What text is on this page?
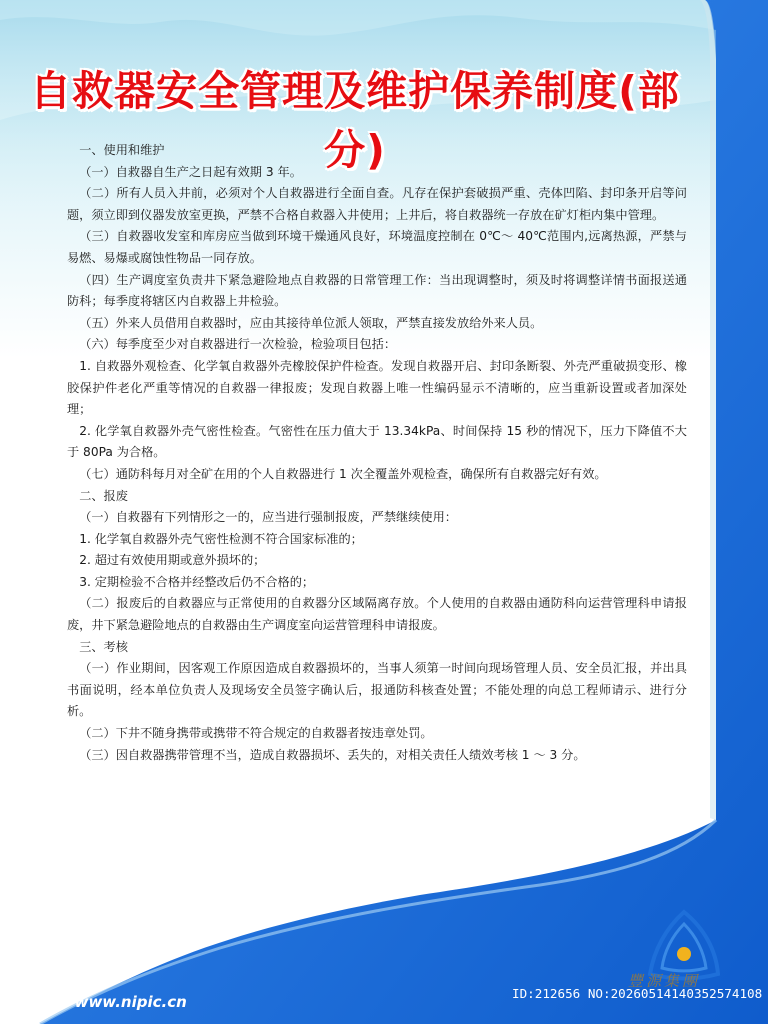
自救器安全管理及维护保养制度(部分)

一、使用和维护

（一）自救器自生产之日起有效期 3 年。

（二）所有人员入井前，必须对个人自救器进行全面自查。凡存在保护套破损严重、壳体凹陷、封印条开启等问题，须立即到仪器发放室更换，严禁不合格自救器入井使用；上井后，将自救器统一存放在矿灯柜内集中管理。

（三）自救器收发室和库房应当做到环境干燥通风良好，环境温度控制在 0℃～ 40℃范围内,远离热源，严禁与易燃、易爆或腐蚀性物品一同存放。

（四）生产调度室负责井下紧急避险地点自救器的日常管理工作：当出现调整时，须及时将调整详情书面报送通防科；每季度将辖区内自救器上井检验。

（五）外来人员借用自救器时，应由其接待单位派人领取，严禁直接发放给外来人员。

（六）每季度至少对自救器进行一次检验，检验项目包括：

1. 自救器外观检查、化学氧自救器外壳橡胶保护件检查。发现自救器开启、封印条断裂、外壳严重破损变形、橡胶保护件老化严重等情况的自救器一律报废；发现自救器上唯一性编码显示不清晰的，应当重新设置或者加深处理；

2. 化学氧自救器外壳气密性检查。气密性在压力值大于 13.34kPa、时间保持 15 秒的情况下，压力下降值不大于 80Pa 为合格。

（七）通防科每月对全矿在用的个人自救器进行 1 次全覆盖外观检查，确保所有自救器完好有效。

二、报废

（一）自救器有下列情形之一的，应当进行强制报废，严禁继续使用：

1. 化学氧自救器外壳气密性检测不符合国家标准的；

2. 超过有效使用期或意外损坏的；

3. 定期检验不合格并经整改后仍不合格的；

（二）报废后的自救器应与正常使用的自救器分区域隔离存放。个人使用的自救器由通防科向运营管理科申请报废，井下紧急避险地点的自救器由生产调度室向运营管理科申请报废。

三、考核

（一）作业期间，因客观工作原因造成自救器损坏的，当事人须第一时间向现场管理人员、安全员汇报，并出具书面说明，经本单位负责人及现场安全员签字确认后，报通防科核查处置；不能处理的向总工程师请示、进行分析。

（二）下井不随身携带或携带不符合规定的自救器者按违章处罚。

（三）因自救器携带管理不当，造成自救器损坏、丢失的，对相关责任人绩效考核 1 ～ 3 分。

豐源集團
昵享网 www.nipic.cn	ID:212656 NO:20260514140352574108
